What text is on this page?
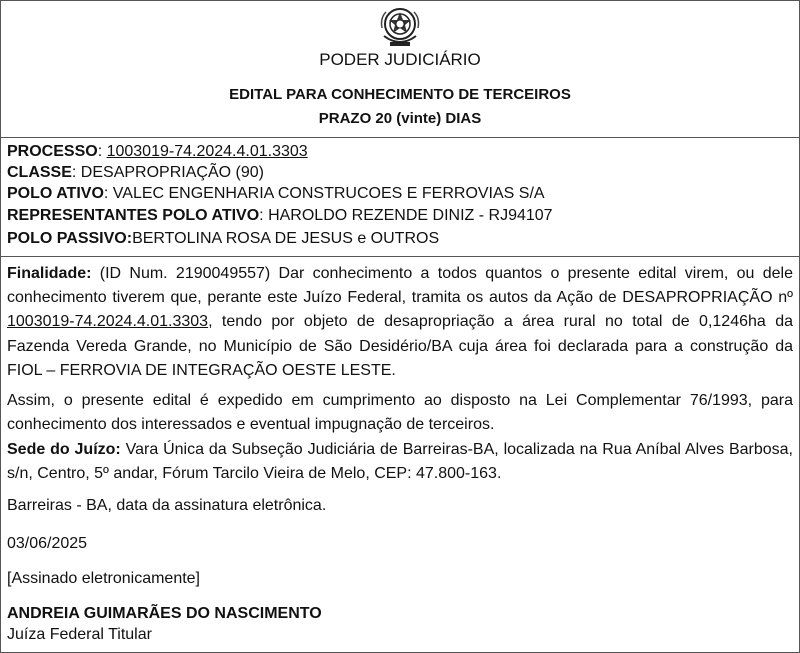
PODER JUDICIÁRIO
EDITAL PARA CONHECIMENTO DE TERCEIROS
PRAZO 20 (vinte) DIAS
PROCESSO: 1003019-74.2024.4.01.3303
CLASSE: DESAPROPRIAÇÃO (90)
POLO ATIVO: VALEC ENGENHARIA CONSTRUCOES E FERROVIAS S/A
REPRESENTANTES POLO ATIVO: HAROLDO REZENDE DINIZ - RJ94107
POLO PASSIVO:BERTOLINA ROSA DE JESUS e OUTROS
Finalidade: (ID Num. 2190049557) Dar conhecimento a todos quantos o presente edital virem, ou dele conhecimento tiverem que, perante este Juízo Federal, tramita os autos da Ação de DESAPROPRIAÇÃO nº 1003019-74.2024.4.01.3303, tendo por objeto de desapropriação a área rural no total de 0,1246ha da Fazenda Vereda Grande, no Município de São Desidério/BA cuja área foi declarada para a construção da FIOL – FERROVIA DE INTEGRAÇÃO OESTE LESTE.
Assim, o presente edital é expedido em cumprimento ao disposto na Lei Complementar 76/1993, para conhecimento dos interessados e eventual impugnação de terceiros.
Sede do Juízo: Vara Única da Subseção Judiciária de Barreiras-BA, localizada na Rua Aníbal Alves Barbosa, s/n, Centro, 5º andar, Fórum Tarcilo Vieira de Melo, CEP: 47.800-163.
Barreiras - BA, data da assinatura eletrônica.
03/06/2025
[Assinado eletronicamente]
ANDREIA GUIMARÃES DO NASCIMENTO
Juíza Federal Titular
